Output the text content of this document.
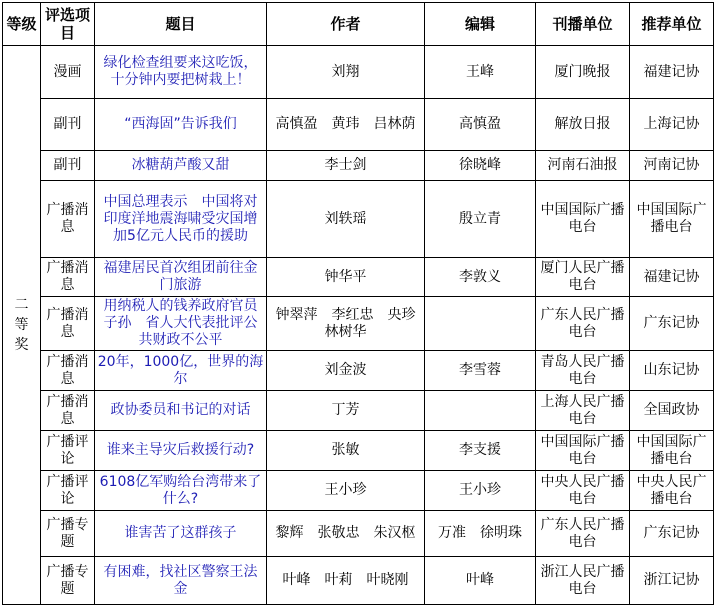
等级	评选项目	题目	作者	编辑	刊播单位	推荐单位
二等奖	漫画	绿化检查组要来这吃饭，十分钟内要把树栽上！	刘翔	王峰	厦门晚报	福建记协
	副刊	“西海固”告诉我们	高慎盈　黄玮　吕林荫	高慎盈	解放日报	上海记协
	副刊	冰糖葫芦酸又甜	李士剑	徐晓峰	河南石油报	河南记协
	广播消息	中国总理表示　中国将对印度洋地震海啸受灾国增加5亿元人民币的援助	刘轶瑶	殷立青	中国国际广播电台	中国国际广播电台
	广播消息	福建居民首次组团前往金门旅游	钟华平	李敦义	厦门人民广播电台	福建记协
	广播消息	用纳税人的钱养政府官员子孙　省人大代表批评公共财政不公平	钟翠萍　李红忠　央珍　林树华		广东人民广播电台	广东记协
	广播消息	20年，1000亿，世界的海尔	刘金波	李雪蓉	青岛人民广播电台	山东记协
	广播消息	政协委员和书记的对话	丁芳		上海人民广播电台	全国政协
	广播评论	谁来主导灾后救援行动?	张敏	李支援	中国国际广播电台	中国国际广播电台
	广播评论	6108亿军购给台湾带来了什么?	王小珍	王小珍	中央人民广播电台	中央人民广播电台
	广播专题	谁害苦了这群孩子	黎辉　张敬忠　朱汉枢	万准　徐明珠	广东人民广播电台	广东记协
	广播专题	有困难，找社区警察王法金	叶峰　叶莉　叶晓刚	叶峰	浙江人民广播电台	浙江记协
